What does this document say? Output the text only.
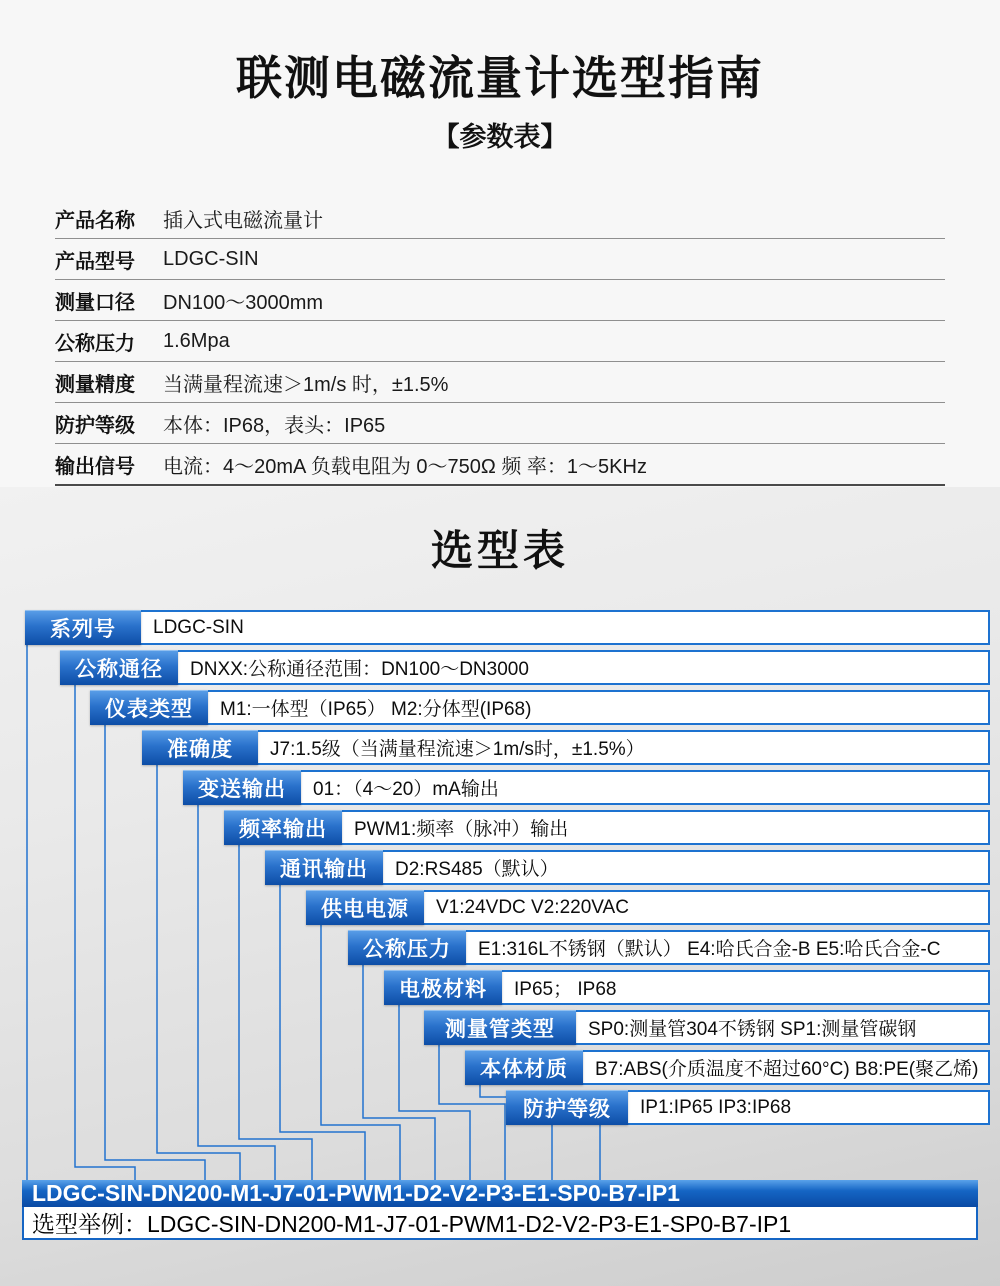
联测电磁流量计选型指南
【参数表】
产品名称	插入式电磁流量计
产品型号	LDGC-SIN
测量口径	DN100～3000mm
公称压力	1.6Mpa
测量精度	当满量程流速＞1m/s 时，±1.5%
防护等级	本体：IP68，表头：IP65
输出信号	电流：4～20mA 负载电阻为 0～750Ω 频 率：1～5KHz
选型表
系列号	LDGC-SIN
公称通径	DNXX:公称通径范围：DN100～DN3000
仪表类型	M1:一体型（IP65） M2:分体型(IP68)
准确度	J7:1.5级（当满量程流速＞1m/s时，±1.5%）
变送输出	01：（4～20）mA输出
频率输出	PWM1:频率（脉冲）输出
通讯输出	D2:RS485（默认）
供电电源	V1:24VDC V2:220VAC
公称压力	E1:316L不锈钢（默认） E4:哈氏合金-B E5:哈氏合金-C
电极材料	IP65； IP68
测量管类型	SP0:测量管304不锈钢 SP1:测量管碳钢
本体材质	B7:ABS(介质温度不超过60°C) B8:PE(聚乙烯)
防护等级	IP1:IP65 IP3:IP68
LDGC-SIN-DN200-M1-J7-01-PWM1-D2-V2-P3-E1-SP0-B7-IP1
选型举例：LDGC-SIN-DN200-M1-J7-01-PWM1-D2-V2-P3-E1-SP0-B7-IP1
